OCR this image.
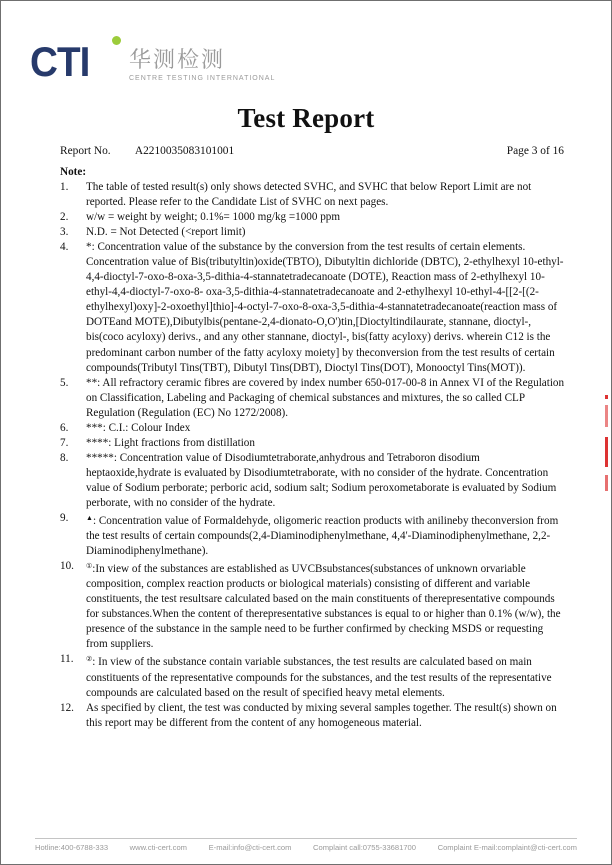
CTI 华测检测
CENTRE TESTING INTERNATIONAL
Test Report
Report No. A2210035083101001	Page 3 of 16
Note:
1.	The table of tested result(s) only shows detected SVHC, and SVHC that below Report Limit are not reported. Please refer to the Candidate List of SVHC on next pages.
2.	w/w = weight by weight; 0.1%= 1000 mg/kg =1000 ppm
3.	N.D. = Not Detected (<report limit)
4.	*: Concentration value of the substance by the conversion from the test results of certain elements. Concentration value of Bis(tributyltin)oxide(TBTO), Dibutyltin dichloride (DBTC), 2-ethylhexyl 10-ethyl-4,4-dioctyl-7-oxo-8-oxa-3,5-dithia-4-stannatetradecanoate (DOTE), Reaction mass of 2-ethylhexyl 10-ethyl-4,4-dioctyl-7-oxo-8- oxa-3,5-dithia-4-stannatetradecanoate and 2-ethylhexyl 10-ethyl-4-[[2-[(2-ethylhexyl)oxy]-2-oxoethyl]thio]-4-octyl-7-oxo-8-oxa-3,5-dithia-4-stannatetradecanoate(reaction mass of DOTEand MOTE),Dibutylbis(pentane-2,4-dionato-O,O')tin,[Dioctyltindilaurate, stannane, dioctyl-, bis(coco acyloxy) derivs., and any other stannane, dioctyl-, bis(fatty acyloxy) derivs. wherein C12 is the predominant carbon number of the fatty acyloxy moiety] by theconversion from the test results of certain compounds(Tributyl Tins(TBT), Dibutyl Tins(DBT), Dioctyl Tins(DOT), Monooctyl Tins(MOT)).
5.	**: All refractory ceramic fibres are covered by index number 650-017-00-8 in Annex VI of the Regulation on Classification, Labeling and Packaging of chemical substances and mixtures, the so called CLP Regulation (Regulation (EC) No 1272/2008).
6.	***: C.I.: Colour Index
7.	****: Light fractions from distillation
8.	*****: Concentration value of Disodiumtetraborate,anhydrous and Tetraboron disodium heptaoxide,hydrate is evaluated by Disodiumtetraborate, with no consider of the hydrate. Concentration value of Sodium perborate; perboric acid, sodium salt; Sodium peroxometaborate is evaluated by Sodium perborate, with no consider of the hydrate.
9.	▲: Concentration value of Formaldehyde, oligomeric reaction products with anilineby theconversion from the test results of certain compounds(2,4-Diaminodiphenylmethane, 4,4'-Diaminodiphenylmethane, 2,2-Diaminodiphenylmethane).
10.	①:In view of the substances are established as UVCBsubstances(substances of unknown orvariable composition, complex reaction products or biological materials) consisting of different and variable constituents, the test resultsare calculated based on the main constituents of therepresentative compounds for substances.When the content of therepresentative substances is equal to or higher than 0.1% (w/w), the presence of the substance in the sample need to be further confirmed by checking MSDS or requesting from suppliers.
11.	②: In view of the substance contain variable substances, the test results are calculated based on main constituents of the representative compounds for the substances, and the test results of the representative compounds are calculated based on the result of specified heavy metal elements.
12.	As specified by client, the test was conducted by mixing several samples together. The result(s) shown on this report may be different from the content of any homogeneous material.
Hotline:400-6788-333	www.cti-cert.com	E-mail:info@cti-cert.com	Complaint call:0755-33681700	Complaint E-mail:complaint@cti-cert.com
